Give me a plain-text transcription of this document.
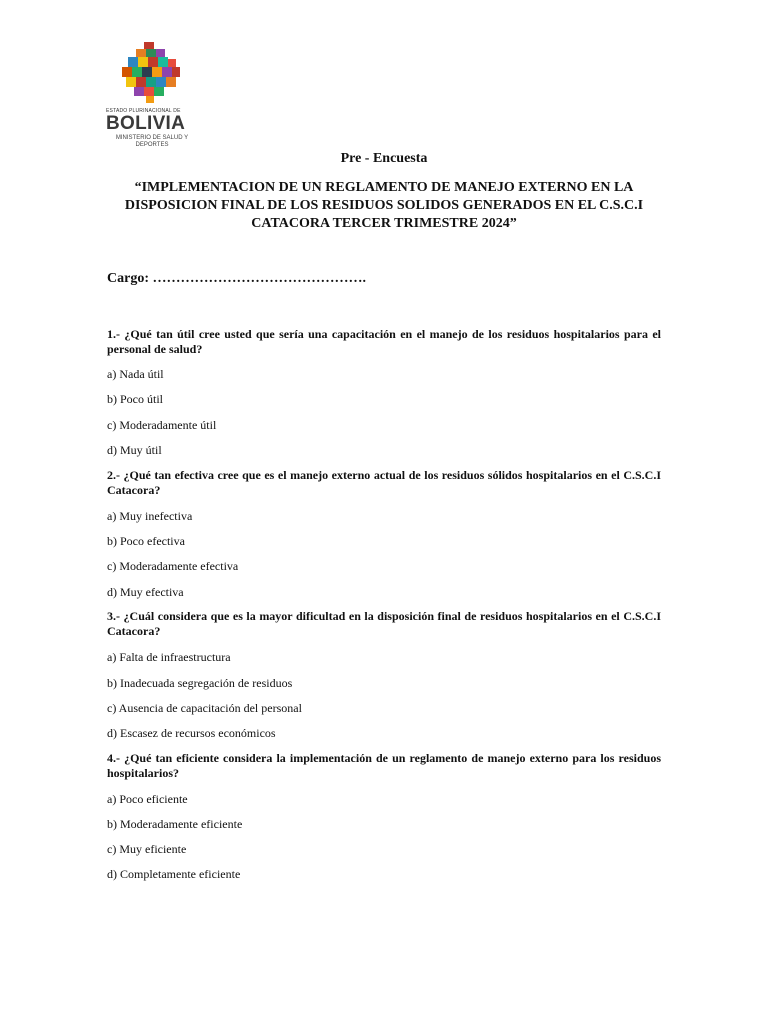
ESTADO PLURINACIONAL DE
BOLIVIA
MINISTERIO DE SALUD Y DEPORTES
Pre - Encuesta
“IMPLEMENTACION DE UN REGLAMENTO DE MANEJO EXTERNO EN LA DISPOSICION FINAL DE LOS RESIDUOS SOLIDOS GENERADOS EN EL C.S.C.I CATACORA TERCER TRIMESTRE 2024”
Cargo: ……………………………………….
1.- ¿Qué tan útil cree usted que sería una capacitación en el manejo de los residuos hospitalarios para el personal de salud?
a) Nada útil
b) Poco útil
c) Moderadamente útil
d) Muy útil
2.- ¿Qué tan efectiva cree que es el manejo externo actual de los residuos sólidos hospitalarios en el C.S.C.I Catacora?
a) Muy inefectiva
b) Poco efectiva
c) Moderadamente efectiva
d) Muy efectiva
3.- ¿Cuál considera que es la mayor dificultad en la disposición final de residuos hospitalarios en el C.S.C.I Catacora?
a) Falta de infraestructura
b) Inadecuada segregación de residuos
c) Ausencia de capacitación del personal
d) Escasez de recursos económicos
4.- ¿Qué tan eficiente considera la implementación de un reglamento de manejo externo para los residuos hospitalarios?
a) Poco eficiente
b) Moderadamente eficiente
c) Muy eficiente
d) Completamente eficiente
